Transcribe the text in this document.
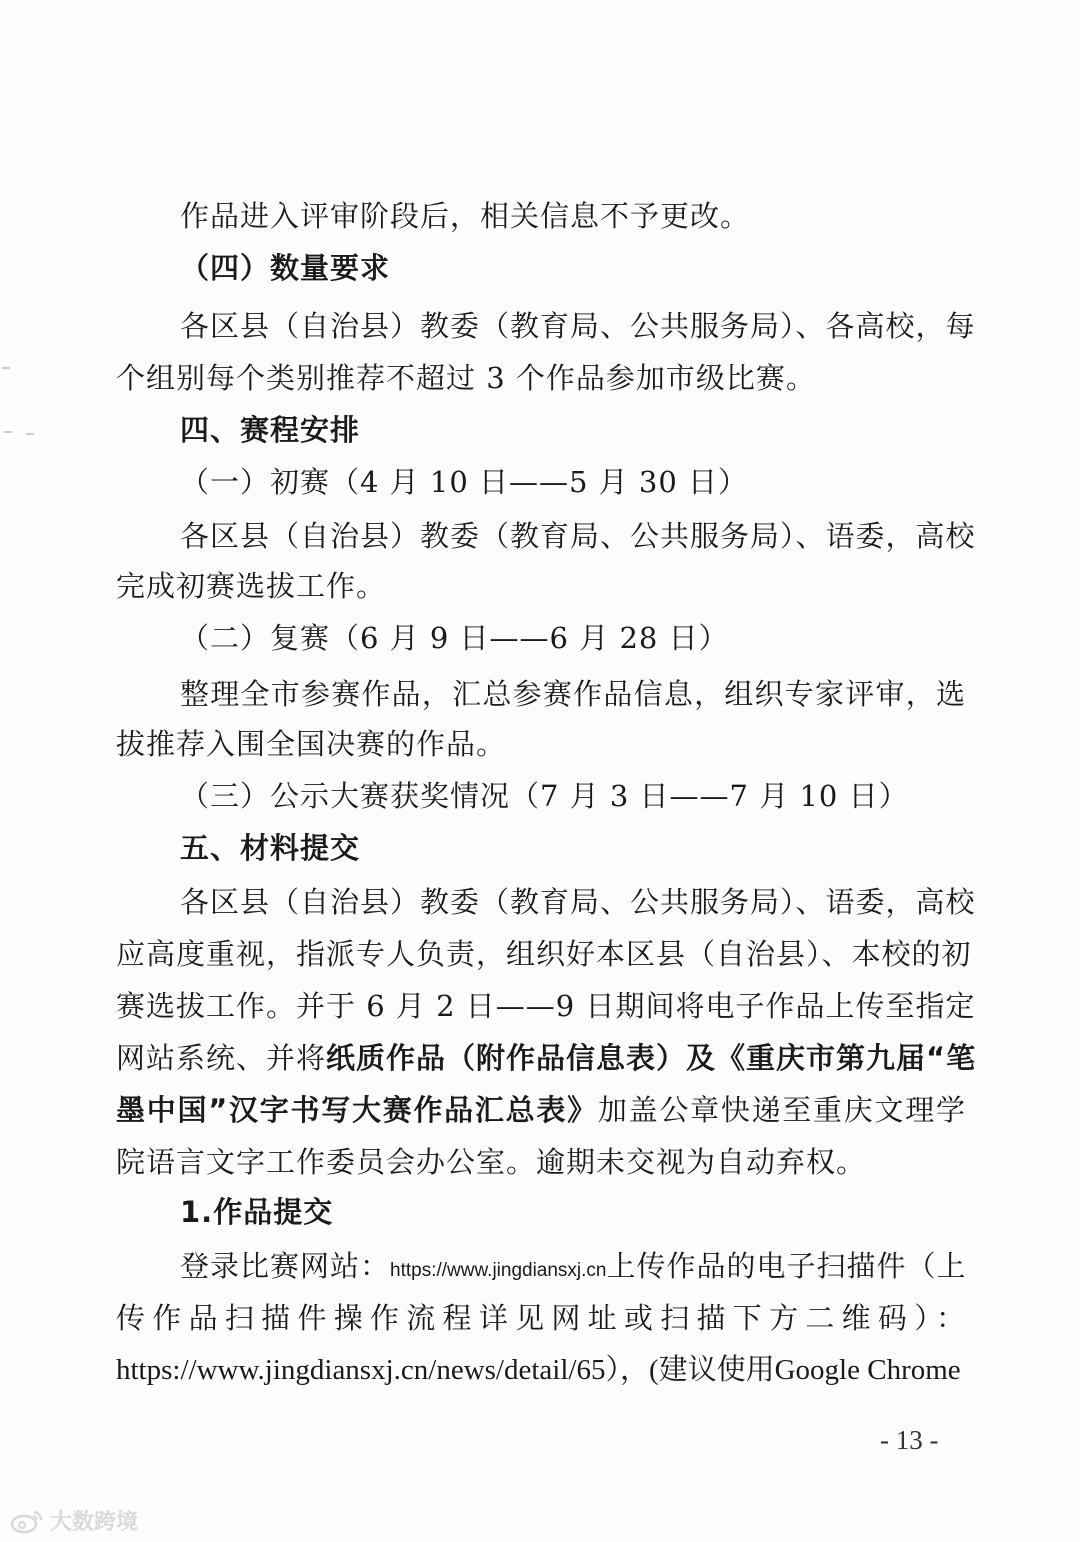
作品进入评审阶段后，相关信息不予更改。
（四）数量要求
各区县（自治县）教委（教育局、公共服务局）、各高校，每
个组别每个类别推荐不超过 3 个作品参加市级比赛。
四、赛程安排
（一）初赛（4 月 10 日——5 月 30 日）
各区县（自治县）教委（教育局、公共服务局）、语委，高校
完成初赛选拔工作。
（二）复赛（6 月 9 日——6 月 28 日）
整理全市参赛作品，汇总参赛作品信息，组织专家评审，选
拔推荐入围全国决赛的作品。
（三）公示大赛获奖情况（7 月 3 日——7 月 10 日）
五、材料提交
各区县（自治县）教委（教育局、公共服务局）、语委，高校
应高度重视，指派专人负责，组织好本区县（自治县）、本校的初
赛选拔工作。并于 6 月 2 日——9 日期间将电子作品上传至指定
网站系统、并将纸质作品（附作品信息表）及《重庆市第九届“笔
墨中国”汉字书写大赛作品汇总表》加盖公章快递至重庆文理学
院语言文字工作委员会办公室。逾期未交视为自动弃权。
1.作品提交
登录比赛网站：https://www.jingdiansxj.cn上传作品的电子扫描件（上
传作品扫描件操作流程详见网址或扫描下方二维码）：
https://www.jingdiansxj.cn/news/detail/65），(建议使用Google Chrome
- 13 -
大数跨境
